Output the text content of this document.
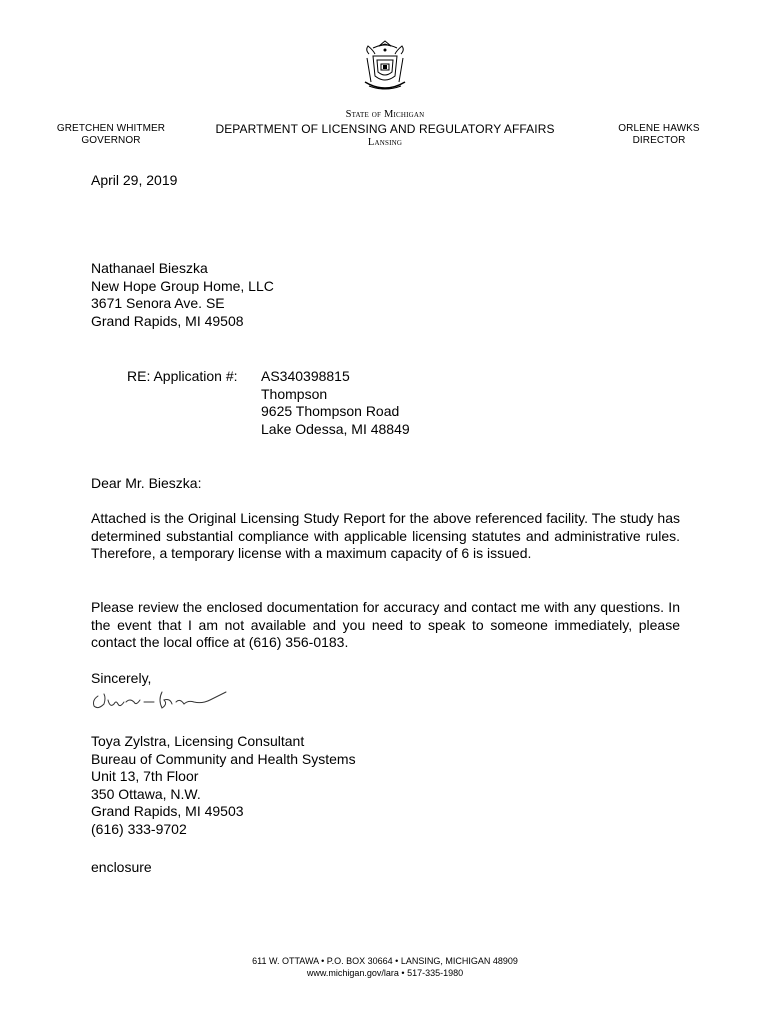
GRETCHEN WHITMER
GOVERNOR
State of Michigan
DEPARTMENT OF LICENSING AND REGULATORY AFFAIRS
Lansing
ORLENE HAWKS
DIRECTOR
April 29, 2019
Nathanael Bieszka
New Hope Group Home, LLC
3671 Senora Ave. SE
Grand Rapids, MI 49508
RE: Application #: AS340398815
Thompson
9625 Thompson Road
Lake Odessa, MI 48849
Dear Mr. Bieszka:
Attached is the Original Licensing Study Report for the above referenced facility. The study has determined substantial compliance with applicable licensing statutes and administrative rules. Therefore, a temporary license with a maximum capacity of 6 is issued.
Please review the enclosed documentation for accuracy and contact me with any questions. In the event that I am not available and you need to speak to someone immediately, please contact the local office at (616) 356-0183.
Sincerely,
Toya Zylstra, Licensing Consultant
Bureau of Community and Health Systems
Unit 13, 7th Floor
350 Ottawa, N.W.
Grand Rapids, MI 49503
(616) 333-9702
enclosure
611 W. OTTAWA • P.O. BOX 30664 • LANSING, MICHIGAN 48909
www.michigan.gov/lara • 517-335-1980
